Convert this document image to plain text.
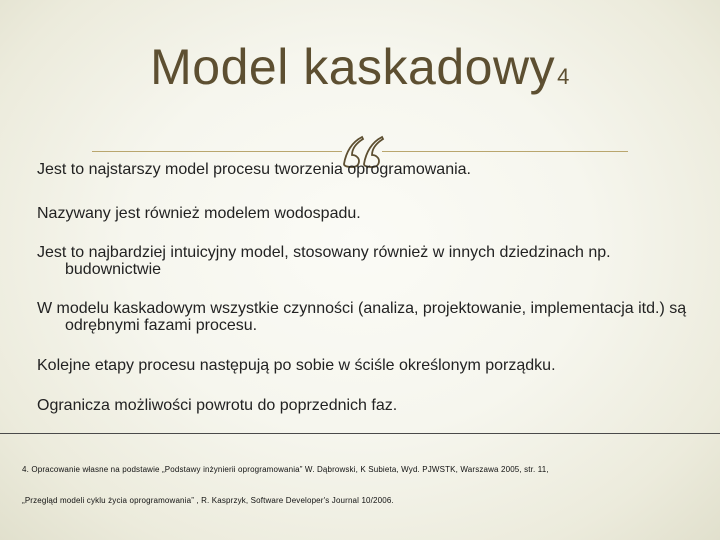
Model kaskadowy$^4$

Jest to najstarszy model procesu tworzenia oprogramowania.

Nazywany jest również modelem wodospadu.

Jest to najbardziej intuicyjny model, stosowany również w innych dziedzinach np. budownictwie

W modelu kaskadowym wszystkie czynności (analiza, projektowanie, implementacja itd.) są odrębnymi fazami procesu.

Kolejne etapy procesu następują po sobie w ściśle określonym porządku.

Ogranicza możliwości powrotu do poprzednich faz.

4. Opracowanie własne na podstawie „Podstawy inżynierii oprogramowania” W. Dąbrowski, K Subieta, Wyd. PJWSTK, Warszawa 2005, str. 11,

„Przegląd modeli cyklu życia oprogramowania” , R. Kasprzyk, Software Developer's Journal 10/2006.
